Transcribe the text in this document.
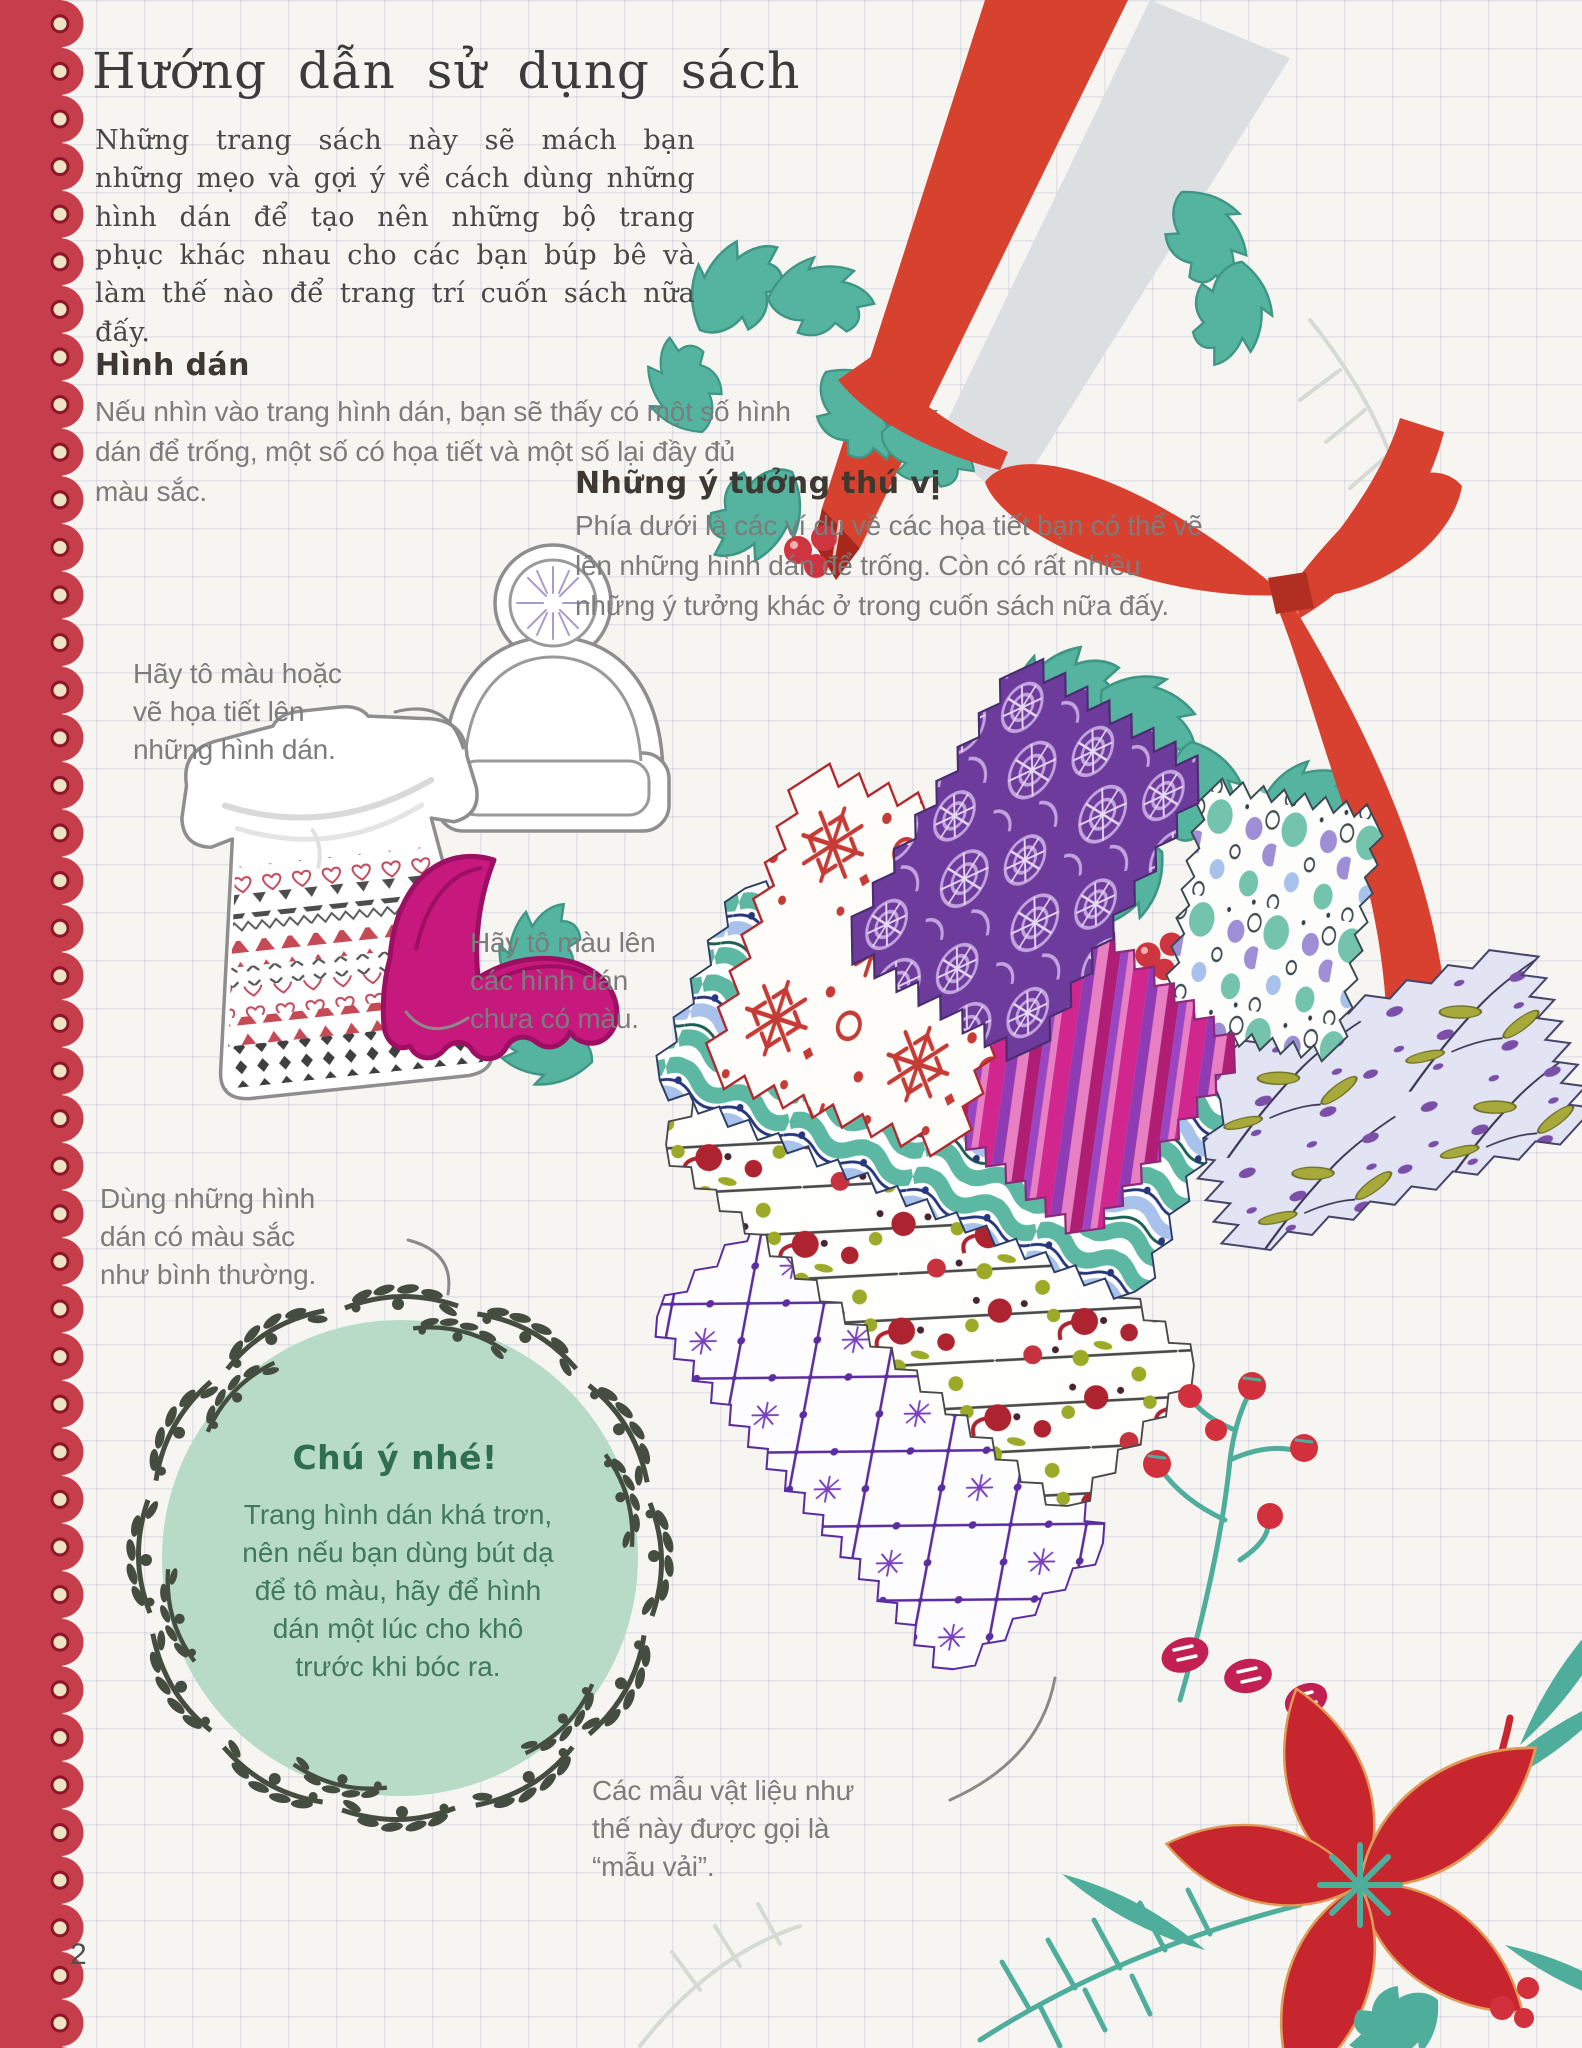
Hướng dẫn sử dụng sách
Những trang sách này sẽ mách bạn những mẹo và gợi ý về cách dùng những hình dán để tạo nên những bộ trang phục khác nhau cho các bạn búp bê và làm thế nào để trang trí cuốn sách nữa đấy.
Hình dán
Nếu nhìn vào trang hình dán, bạn sẽ thấy có một số hình dán để trống, một số có họa tiết và một số lại đầy đủ màu sắc.
Hãy tô màu hoặc vẽ họa tiết lên những hình dán.
Những ý tưởng thú vị
Phía dưới là các ví dụ về các họa tiết bạn có thể vẽ lên những hình dán để trống. Còn có rất nhiều những ý tưởng khác ở trong cuốn sách nữa đấy.
Hãy tô màu lên các hình dán chưa có màu.
Dùng những hình dán có màu sắc như bình thường.
Chú ý nhé!
Trang hình dán khá trơn, nên nếu bạn dùng bút dạ để tô màu, hãy để hình dán một lúc cho khô trước khi bóc ra.
Các mẫu vật liệu như thế này được gọi là “mẫu vải”.
2
